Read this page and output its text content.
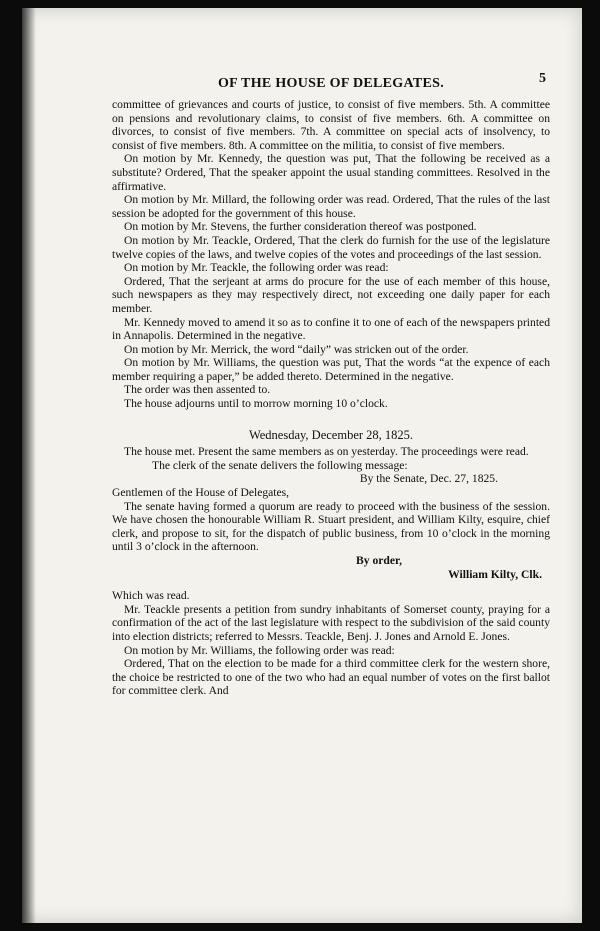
OF THE HOUSE OF DELEGATES.	5

committee of grievances and courts of justice, to consist of five members. 5th. A committee on pensions and revolutionary claims, to consist of five members. 6th. A committee on divorces, to consist of five members. 7th. A committee on special acts of insolvency, to consist of five members. 8th. A committee on the militia, to consist of five members.

On motion by Mr. Kennedy, the question was put, That the following be received as a substitute? Ordered, That the speaker appoint the usual standing committees. Resolved in the affirmative.

On motion by Mr. Millard, the following order was read. Ordered, That the rules of the last session be adopted for the government of this house.

On motion by Mr. Stevens, the further consideration thereof was postponed.

On motion by Mr. Teackle, Ordered, That the clerk do furnish for the use of the legislature twelve copies of the laws, and twelve copies of the votes and proceedings of the last session.

On motion by Mr. Teackle, the following order was read:

Ordered, That the serjeant at arms do procure for the use of each member of this house, such newspapers as they may respectively direct, not exceeding one daily paper for each member.

Mr. Kennedy moved to amend it so as to confine it to one of each of the newspapers printed in Annapolis. Determined in the negative.

On motion by Mr. Merrick, the word “daily” was stricken out of the order.

On motion by Mr. Williams, the question was put, That the words “at the expence of each member requiring a paper,” be added thereto. Determined in the negative.

The order was then assented to.

The house adjourns until to morrow morning 10 o’clock.

Wednesday, December 28, 1825.

The house met. Present the same members as on yesterday. The proceedings were read.

The clerk of the senate delivers the following message:

By the Senate, Dec. 27, 1825.

Gentlemen of the House of Delegates,

The senate having formed a quorum are ready to proceed with the business of the session. We have chosen the honourable William R. Stuart president, and William Kilty, esquire, chief clerk, and propose to sit, for the dispatch of public business, from 10 o’clock in the morning until 3 o’clock in the afternoon.

By order,

William Kilty, Clk.

Which was read.

Mr. Teackle presents a petition from sundry inhabitants of Somerset county, praying for a confirmation of the act of the last legislature with respect to the subdivision of the said county into election districts; referred to Messrs. Teackle, Benj. J. Jones and Arnold E. Jones.

On motion by Mr. Williams, the following order was read:

Ordered, That on the election to be made for a third committee clerk for the western shore, the choice be restricted to one of the two who had an equal number of votes on the first ballot for committee clerk. And
